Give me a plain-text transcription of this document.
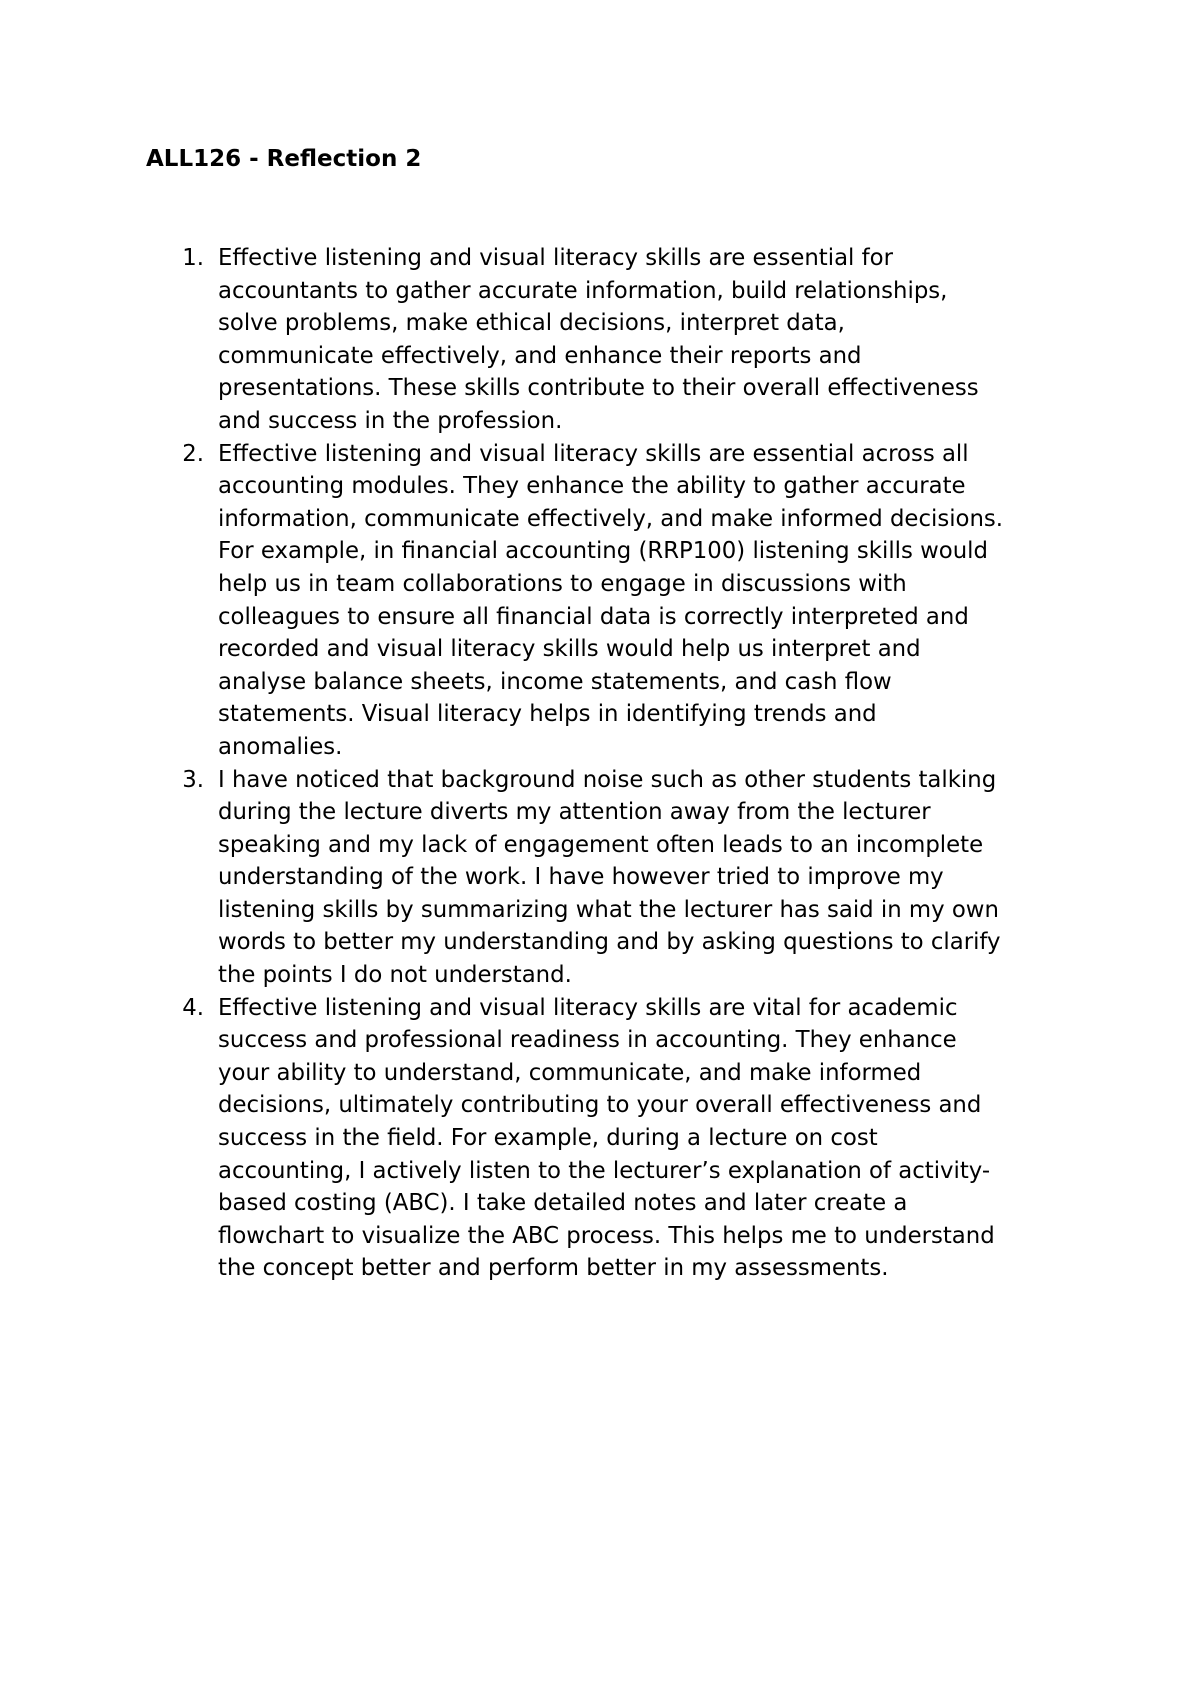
ALL126 - Reflection 2
1. Effective listening and visual literacy skills are essential for
accountants to gather accurate information, build relationships,
solve problems, make ethical decisions, interpret data,
communicate effectively, and enhance their reports and
presentations. These skills contribute to their overall effectiveness
and success in the profession.
2. Effective listening and visual literacy skills are essential across all
accounting modules. They enhance the ability to gather accurate
information, communicate effectively, and make informed decisions.
For example, in financial accounting (RRP100) listening skills would
help us in team collaborations to engage in discussions with
colleagues to ensure all financial data is correctly interpreted and
recorded and visual literacy skills would help us interpret and
analyse balance sheets, income statements, and cash flow
statements. Visual literacy helps in identifying trends and
anomalies.
3. I have noticed that background noise such as other students talking
during the lecture diverts my attention away from the lecturer
speaking and my lack of engagement often leads to an incomplete
understanding of the work. I have however tried to improve my
listening skills by summarizing what the lecturer has said in my own
words to better my understanding and by asking questions to clarify
the points I do not understand.
4. Effective listening and visual literacy skills are vital for academic
success and professional readiness in accounting. They enhance
your ability to understand, communicate, and make informed
decisions, ultimately contributing to your overall effectiveness and
success in the field. For example, during a lecture on cost
accounting, I actively listen to the lecturer’s explanation of activity-
based costing (ABC). I take detailed notes and later create a
flowchart to visualize the ABC process. This helps me to understand
the concept better and perform better in my assessments.
